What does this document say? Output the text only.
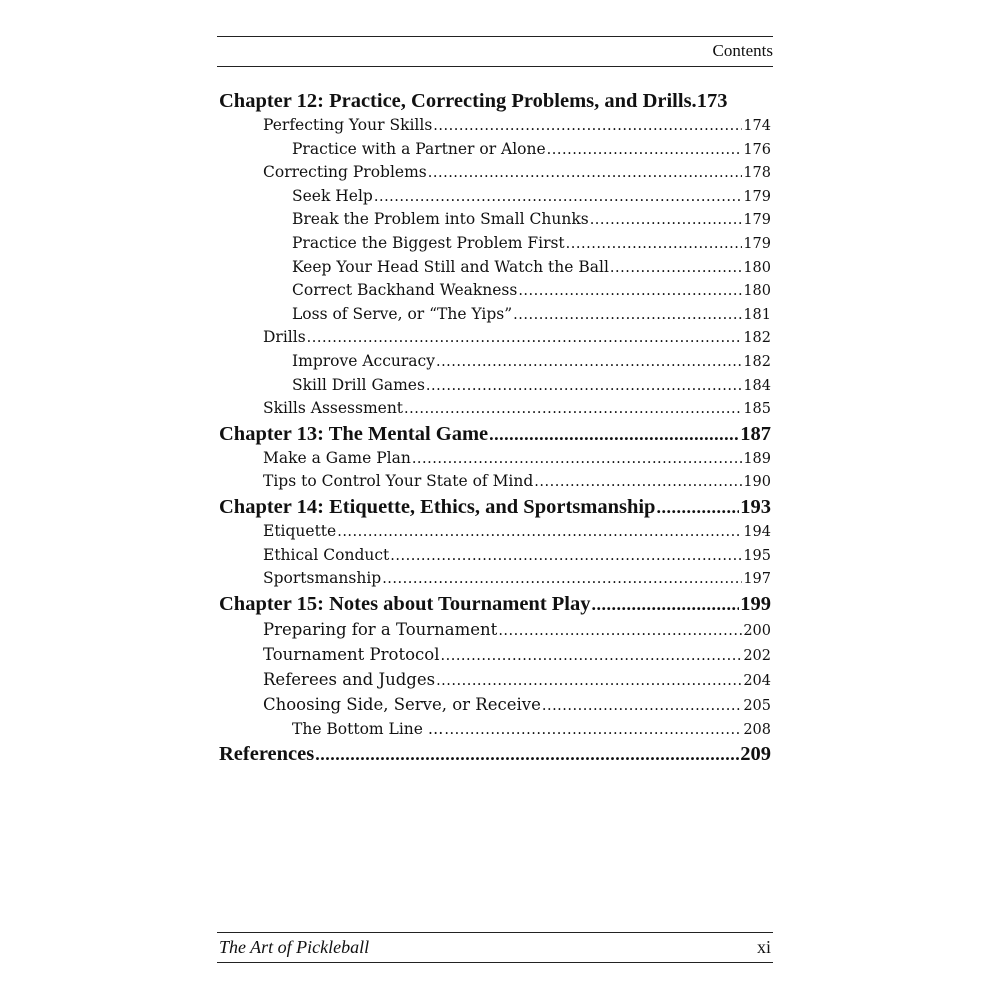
Contents
Chapter 12: Practice, Correcting Problems, and Drills. 173
Perfecting Your Skills .....	174
Practice with a Partner or Alone .....	176
Correcting Problems .....	178
Seek Help .....	179
Break the Problem into Small Chunks .....	179
Practice the Biggest Problem First .....	179
Keep Your Head Still and Watch the Ball .....	180
Correct Backhand Weakness .....	180
Loss of Serve, or “The Yips” .....	181
Drills .....	182
Improve Accuracy .....	182
Skill Drill Games .....	184
Skills Assessment .....	185
Chapter 13: The Mental Game .....	187
Make a Game Plan .....	189
Tips to Control Your State of Mind .....	190
Chapter 14: Etiquette, Ethics, and Sportsmanship .....	193
Etiquette .....	194
Ethical Conduct .....	195
Sportsmanship .....	197
Chapter 15: Notes about Tournament Play .....	199
Preparing for a Tournament .....	200
Tournament Protocol .....	202
Referees and Judges .....	204
Choosing Side, Serve, or Receive .....	205
The Bottom Line … .....	208
References .....	209
The Art of Pickleball	xi
